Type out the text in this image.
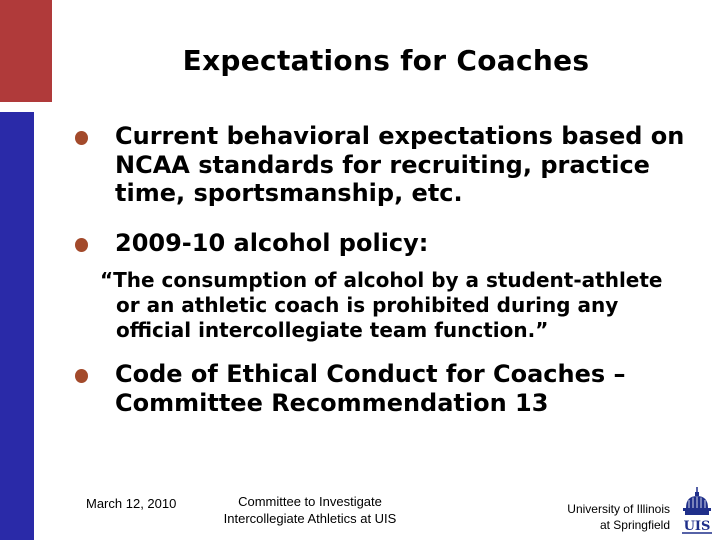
Expectations for Coaches
Current behavioral expectations based on NCAA standards for recruiting, practice time, sportsmanship, etc.
2009-10 alcohol policy:
“The consumption of alcohol by a student-athlete
or an athletic coach is prohibited during any official intercollegiate team function.”
Code of Ethical Conduct for Coaches – Committee Recommendation 13
March 12, 2010	Committee to Investigate
Intercollegiate Athletics at UIS
University of Illinois
at Springfield UIS
